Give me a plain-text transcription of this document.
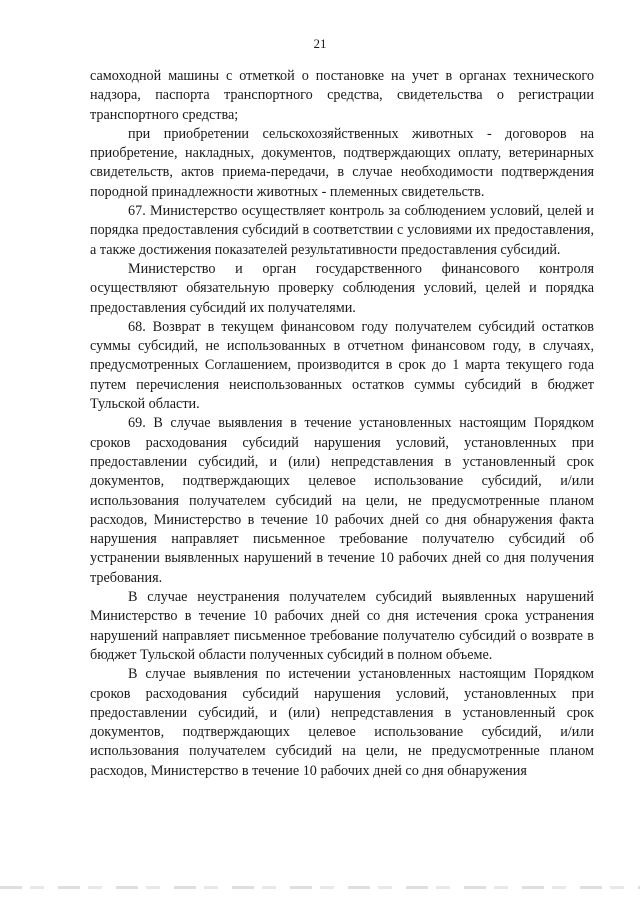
21

самоходной машины с отметкой о постановке на учет в органах технического надзора, паспорта транспортного средства, свидетельства о регистрации транспортного средства;

при приобретении сельскохозяйственных животных - договоров на приобретение, накладных, документов, подтверждающих оплату, ветеринарных свидетельств, актов приема-передачи, в случае необходимости подтверждения породной принадлежности животных - племенных свидетельств.

67. Министерство осуществляет контроль за соблюдением условий, целей и порядка предоставления субсидий в соответствии с условиями их предоставления, а также достижения показателей результативности предоставления субсидий.

Министерство и орган государственного финансового контроля осуществляют обязательную проверку соблюдения условий, целей и порядка предоставления субсидий их получателями.

68. Возврат в текущем финансовом году получателем субсидий остатков суммы субсидий, не использованных в отчетном финансовом году, в случаях, предусмотренных Соглашением, производится в срок до 1 марта текущего года путем перечисления неиспользованных остатков суммы субсидий в бюджет Тульской области.

69. В случае выявления в течение установленных настоящим Порядком сроков расходования субсидий нарушения условий, установленных при предоставлении субсидий, и (или) непредставления в установленный срок документов, подтверждающих целевое использование субсидий, и/или использования получателем субсидий на цели, не предусмотренные планом расходов, Министерство в течение 10 рабочих дней со дня обнаружения факта нарушения направляет письменное требование получателю субсидий об устранении выявленных нарушений в течение 10 рабочих дней со дня получения требования.

В случае неустранения получателем субсидий выявленных нарушений Министерство в течение 10 рабочих дней со дня истечения срока устранения нарушений направляет письменное требование получателю субсидий о возврате в бюджет Тульской области полученных субсидий в полном объеме.

В случае выявления по истечении установленных настоящим Порядком сроков расходования субсидий нарушения условий, установленных при предоставлении субсидий, и (или) непредставления в установленный срок документов, подтверждающих целевое использование субсидий, и/или использования получателем субсидий на цели, не предусмотренные планом расходов, Министерство в течение 10 рабочих дней со дня обнаружения
